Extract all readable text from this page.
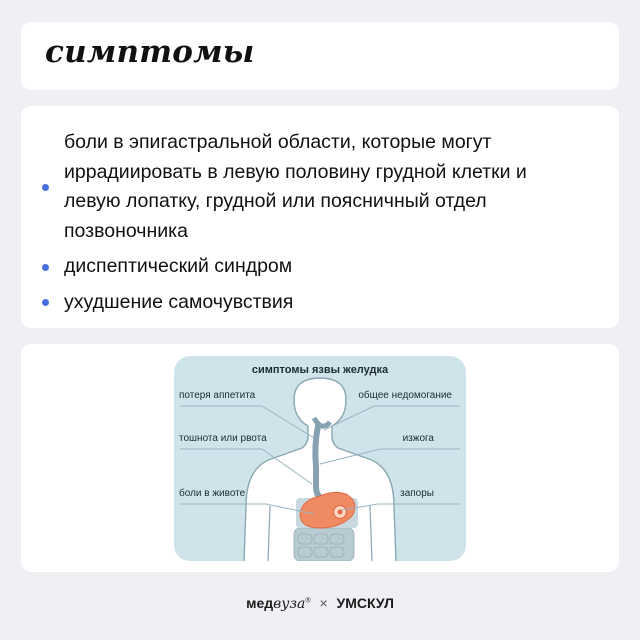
симптомы
боли в эпигастральной области, которые могут иррадиировать в левую половину грудной клетки и левую лопатку, грудной или поясничный отдел позвоночника
диспептический синдром
ухудшение самочувствия
симптомы язвы желудка
потеря аппетита
тошнота или рвота
боли в животе
общее недомогание
изжога
запоры
медвуза® × УМСКУЛ
